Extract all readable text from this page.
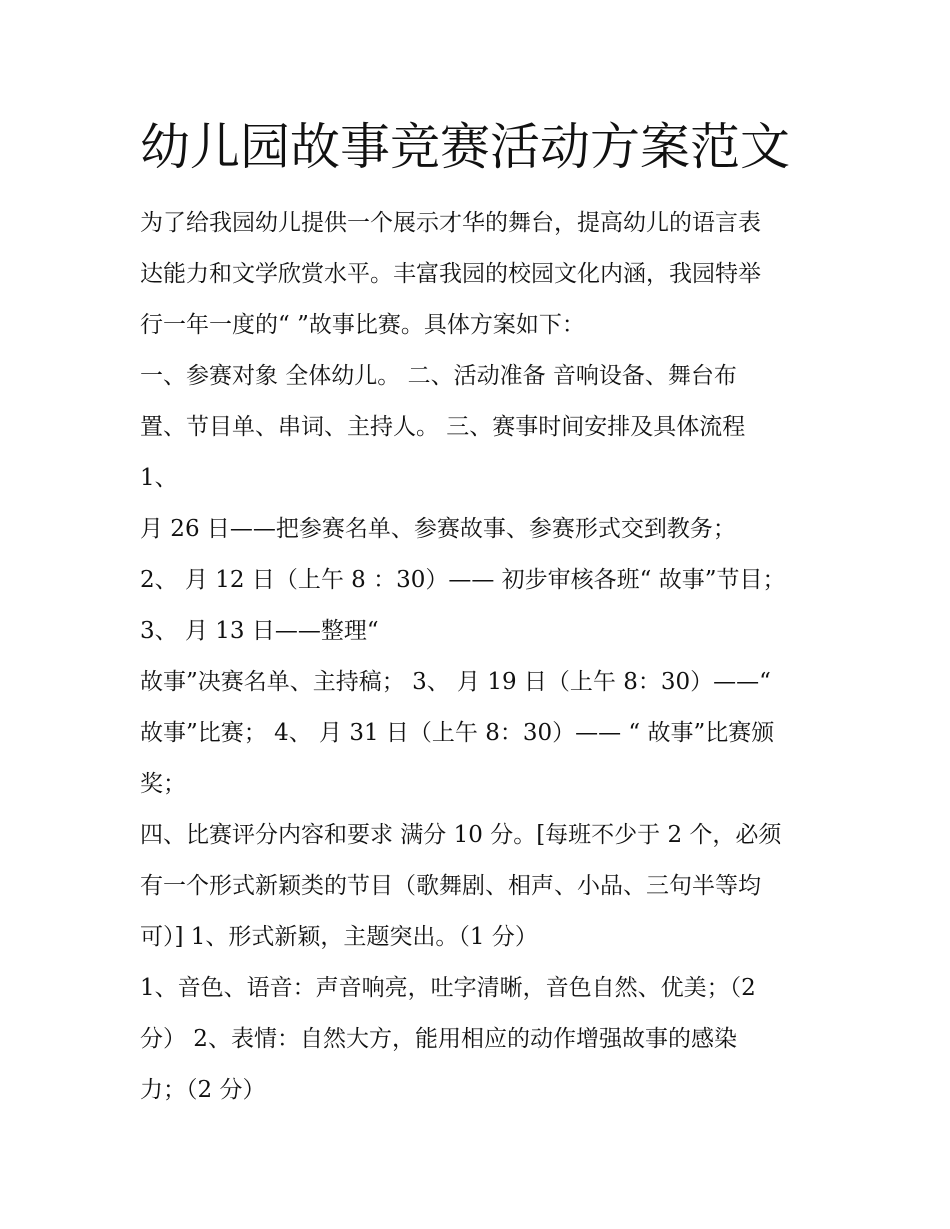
幼儿园故事竞赛活动方案范文

为了给我园幼儿提供一个展示才华的舞台，提高幼儿的语言表

达能力和文学欣赏水平。丰富我园的校园文化内涵，我园特举

行一年一度的“ ”故事比赛。具体方案如下：

一、参赛对象 全体幼儿。 二、活动准备 音响设备、舞台布

置、节目单、串词、主持人。 三、赛事时间安排及具体流程

1、

月 26 日——把参赛名单、参赛故事、参赛形式交到教务；

2、 月 12 日（上午 8 ：30）—— 初步审核各班“ 故事”节目；

3、 月 13 日——整理“

故事”决赛名单、主持稿； 3、 月 19 日（上午 8：30）——“

故事”比赛； 4、 月 31 日（上午 8：30）—— “ 故事”比赛颁

奖；

四、比赛评分内容和要求 满分 10 分。[每班不少于 2 个，必须

有一个形式新颖类的节目（歌舞剧、相声、小品、三句半等均

可）] 1、形式新颖，主题突出。（1 分）

1、音色、语音：声音响亮，吐字清晰，音色自然、优美；（2

分） 2、表情：自然大方，能用相应的动作增强故事的感染

力；（2 分）
